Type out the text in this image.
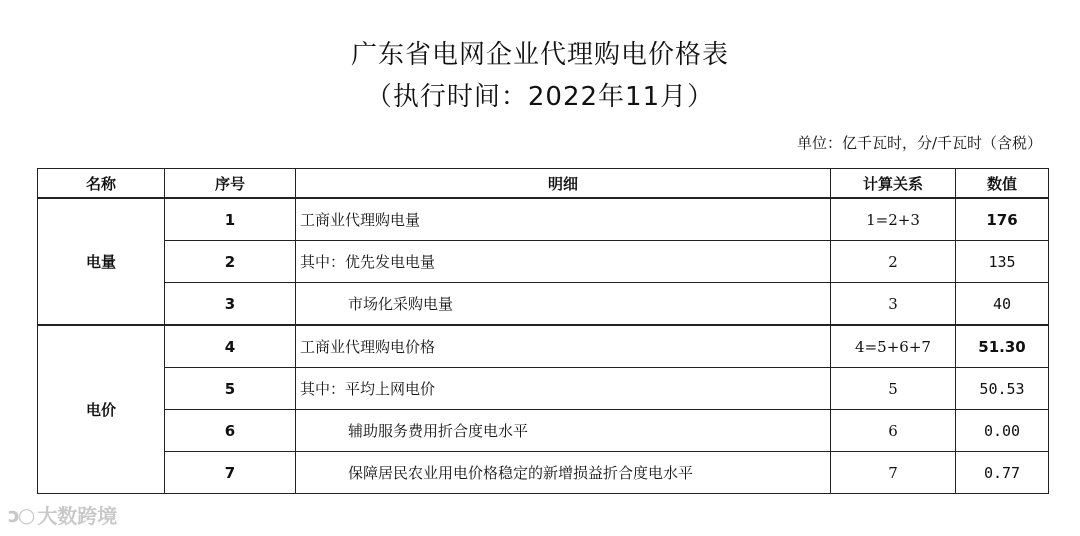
广东省电网企业代理购电价格表
（执行时间：2022年11月）
单位：亿千瓦时，分/千瓦时（含税）
名称	序号	明细	计算关系	数值
电量	1	工商业代理购电量	1=2+3	176
	2	其中：优先发电电量	2	135
	3	市场化采购电量	3	40
电价	4	工商业代理购电价格	4=5+6+7	51.30
	5	其中：平均上网电价	5	50.53
	6	辅助服务费用折合度电水平	6	0.00
	7	保障居民农业用电价格稳定的新增损益折合度电水平	7	0.77
ↄ○ 大数跨境
